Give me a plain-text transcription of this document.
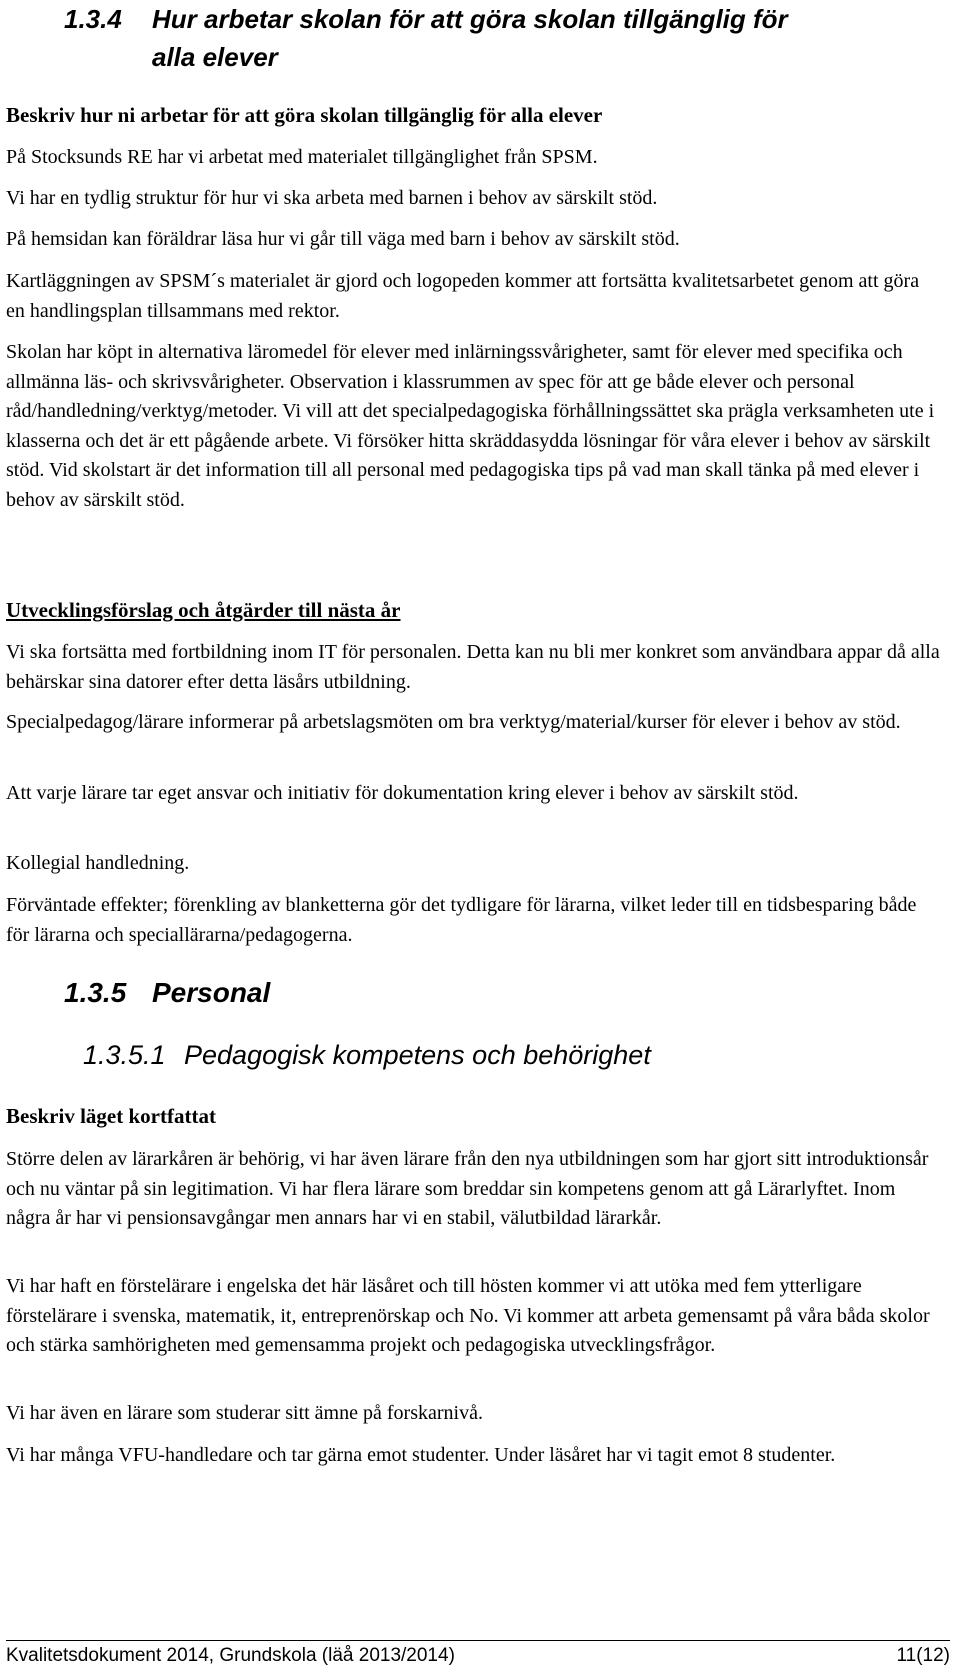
1.3.4 Hur arbetar skolan för att göra skolan tillgänglig för
alla elever
Beskriv hur ni arbetar för att göra skolan tillgänglig för alla elever

På Stocksunds RE har vi arbetat med materialet tillgänglighet från SPSM.

Vi har en tydlig struktur för hur vi ska arbeta med barnen i behov av särskilt stöd.

På hemsidan kan föräldrar läsa hur vi går till väga med barn i behov av särskilt stöd.

Kartläggningen av SPSM´s materialet är gjord och logopeden kommer att fortsätta kvalitetsarbetet genom att göra en handlingsplan tillsammans med rektor.

Skolan har köpt in alternativa läromedel för elever med inlärningssvårigheter, samt för elever med specifika och allmänna läs- och skrivsvårigheter. Observation i klassrummen av spec för att ge både elever och personal råd/handledning/verktyg/metoder. Vi vill att det specialpedagogiska förhållningssättet ska prägla verksamheten ute i klasserna och det är ett pågående arbete. Vi försöker hitta skräddasydda lösningar för våra elever i behov av särskilt stöd. Vid skolstart är det information till all personal med pedagogiska tips på vad man skall tänka på med elever i behov av särskilt stöd.

Utvecklingsförslag och åtgärder till nästa år

Vi ska fortsätta med fortbildning inom IT för personalen. Detta kan nu bli mer konkret som användbara appar då alla behärskar sina datorer efter detta läsårs utbildning.

Specialpedagog/lärare informerar på arbetslagsmöten om bra verktyg/material/kurser för elever i behov av stöd.

Att varje lärare tar eget ansvar och initiativ för dokumentation kring elever i behov av särskilt stöd.

Kollegial handledning.

Förväntade effekter; förenkling av blanketterna gör det tydligare för lärarna, vilket leder till en tidsbesparing både för lärarna och speciallärarna/pedagogerna.

1.3.5 Personal
1.3.5.1 Pedagogisk kompetens och behörighet
Beskriv läget kortfattat

Större delen av lärarkåren är behörig, vi har även lärare från den nya utbildningen som har gjort sitt introduktionsår och nu väntar på sin legitimation. Vi har flera lärare som breddar sin kompetens genom att gå Lärarlyftet. Inom några år har vi pensionsavgångar men annars har vi en stabil, välutbildad lärarkår.

Vi har haft en förstelärare i engelska det här läsåret och till hösten kommer vi att utöka med fem ytterligare förstelärare i svenska, matematik, it, entreprenörskap och No. Vi kommer att arbeta gemensamt på våra båda skolor och stärka samhörigheten med gemensamma projekt och pedagogiska utvecklingsfrågor.

Vi har även en lärare som studerar sitt ämne på forskarnivå.

Vi har många VFU-handledare och tar gärna emot studenter. Under läsåret har vi tagit emot 8 studenter.

Kvalitetsdokument 2014, Grundskola (läå 2013/2014)	11(12)
